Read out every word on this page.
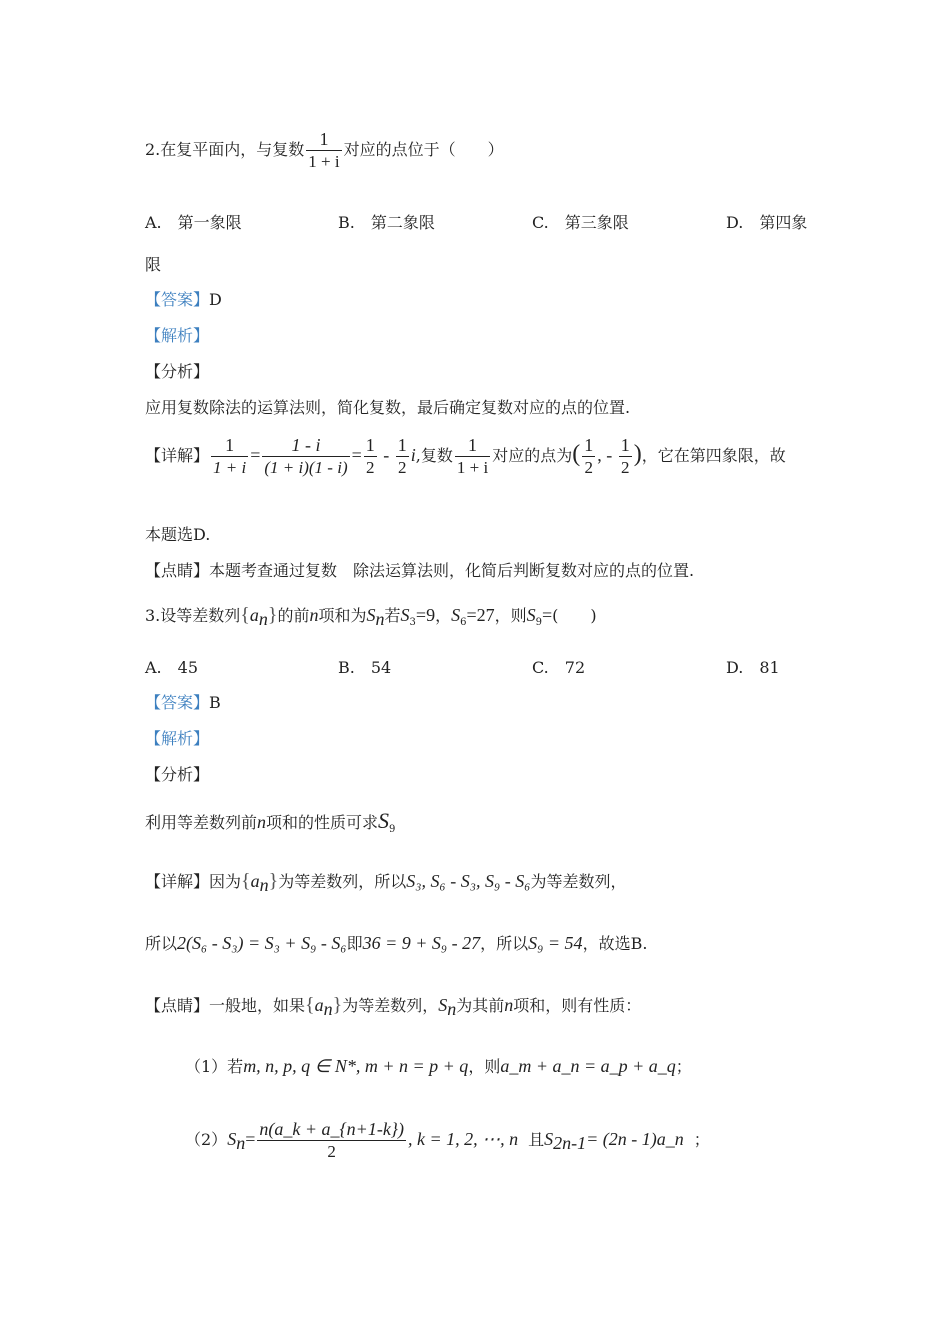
2.在复平面内，与复数 $\frac{1}{1 + i}$ 对应的点位于（　　）
A.　第一象限	B.　第二象限	C.　第三象限	D.　第四象
限
【答案】D
【解析】
【分析】
应用复数除法的运算法则，简化复数，最后确定复数对应的点的位置.
【详解】 $\frac{1}{1 + i} = \frac{1 - i}{(1 + i)(1 - i)} = \frac{1}{2} - \frac{1}{2} i$,复数 $\frac{1}{1 + i}$ 对应的点为( $\frac{1}{2}$ , - $\frac{1}{2}$ )，它在第四象限，故
本题选D.
【点睛】本题考查通过复数　除法运算法则，化简后判断复数对应的点的位置.
3.设等差数列$\{a_n\}$的前n项和为$S_n$若$S_3=9$，$S_6=27$，则$S_9=$(　　)
A.　45	B.　54	C.　72	D.　81
【答案】B
【解析】
【分析】
利用等差数列前n项和的性质可求$S_9$
【详解】因为$\{a_n\}$为等差数列，所以S₃, S₆ - S₃, S₉ - S₆为等差数列，
所以2(S₆ - S₃) = S₃ + S₉ - S₆即36 = 9 + S₉ - 27，所以S₉ = 54，故选B.
【点睛】一般地，如果$\{a_n\}$为等差数列，$S_n$为其前n项和，则有性质：
（1）若m, n, p, q ∈ N*, m + n = p + q，则a_m + a_n = a_p + a_q；
$(2)S_n= \frac{n(a\_k + a\_\{n+1-k\})}{2}$ , k = 1, 2, ⋯, n 且$S_{2n-1}= (2n$ - 1)a_n ；
